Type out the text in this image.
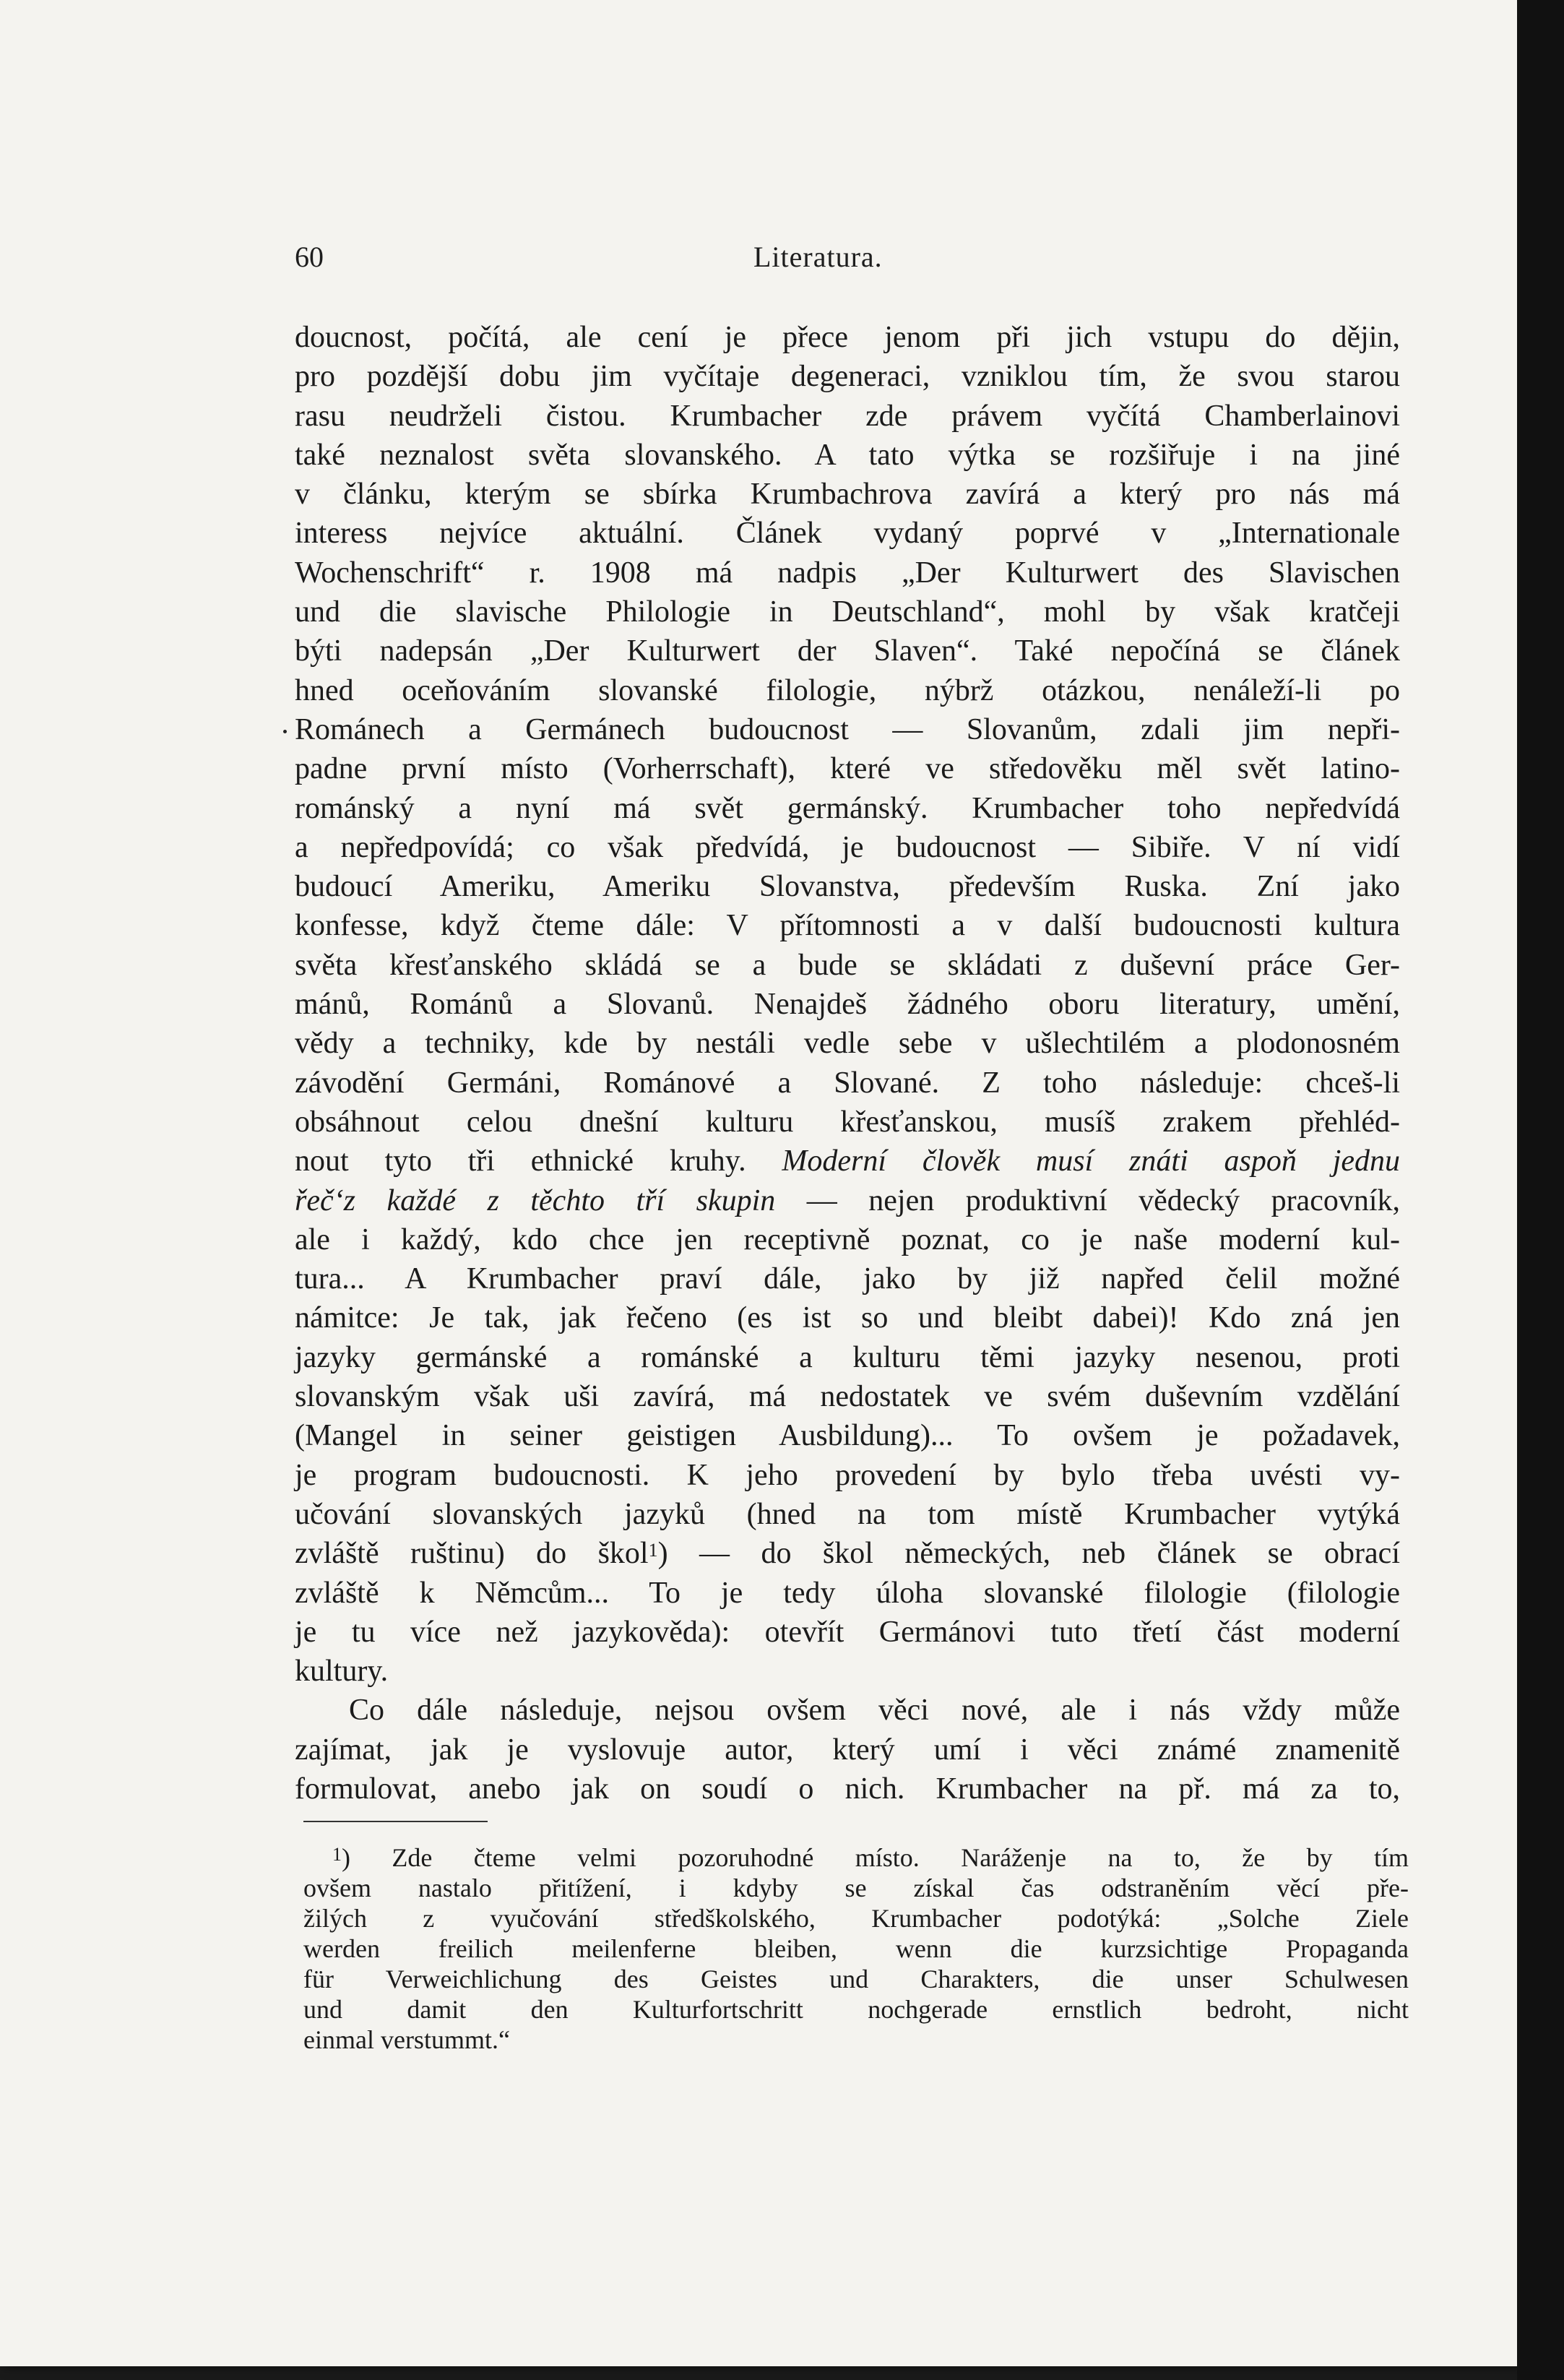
60	Literatura.
doucnost, počítá, ale cení je přece jenom při jich vstupu do dějin,
pro pozdější dobu jim vyčítaje degeneraci, vzniklou tím, že svou starou
rasu neudrželi čistou. Krumbacher zde právem vyčítá Chamberlainovi
také neznalost světa slovanského. A tato výtka se rozšiřuje i na jiné
v článku, kterým se sbírka Krumbachrova zavírá a který pro nás má
interess nejvíce aktuální. Článek vydaný poprvé v „Internationale
Wochenschrift“ r. 1908 má nadpis „Der Kulturwert des Slavischen
und die slavische Philologie in Deutschland“, mohl by však kratčeji
býti nadepsán „Der Kulturwert der Slaven“. Také nepočíná se článek
hned oceňováním slovanské filologie, nýbrž otázkou, nenáleží-li po
Románech a Germánech budoucnost — Slovanům, zdali jim nepři-
padne první místo (Vorherrschaft), které ve středověku měl svět latino-
románský a nyní má svět germánský. Krumbacher toho nepředvídá
a nepředpovídá; co však předvídá, je budoucnost — Sibiře. V ní vidí
budoucí Ameriku, Ameriku Slovanstva, především Ruska. Zní jako
konfesse, když čteme dále: V přítomnosti a v další budoucnosti kultura
světa křesťanského skládá se a bude se skládati z duševní práce Ger-
mánů, Románů a Slovanů. Nenajdeš žádného oboru literatury, umění,
vědy a techniky, kde by nestáli vedle sebe v ušlechtilém a plodonosném
závodění Germáni, Románové a Slované. Z toho následuje: chceš-li
obsáhnout celou dnešní kulturu křesťanskou, musíš zrakem přehléd-
nout tyto tři ethnické kruhy. Moderní člověk musí znáti aspoň jednu
řeč‘z každé z těchto tří skupin — nejen produktivní vědecký pracovník,
ale i každý, kdo chce jen receptivně poznat, co je naše moderní kul-
tura... A Krumbacher praví dále, jako by již napřed čelil možné
námitce: Je tak, jak řečeno (es ist so und bleibt dabei)! Kdo zná jen
jazyky germánské a románské a kulturu těmi jazyky nesenou, proti
slovanským však uši zavírá, má nedostatek ve svém duševním vzdělání
(Mangel in seiner geistigen Ausbildung)... To ovšem je požadavek,
je program budoucnosti. K jeho provedení by bylo třeba uvésti vy-
učování slovanských jazyků (hned na tom místě Krumbacher vytýká
zvláště ruštinu) do škol$^1$) — do škol německých, neb článek se obrací
zvláště k Němcům... To je tedy úloha slovanské filologie (filologie
je tu více než jazykověda): otevřít Germánovi tuto třetí část moderní
kultury.
Co dále následuje, nejsou ovšem věci nové, ale i nás vždy může
zajímat, jak je vyslovuje autor, který umí i věci známé znamenitě
formulovat, anebo jak on soudí o nich. Krumbacher na př. má za to,
$^1$) Zde čteme velmi pozoruhodné místo. Naráženje na to, že by tím
ovšem nastalo přitížení, i kdyby se získal čas odstraněním věcí pře-
žilých z vyučování středškolského, Krumbacher podotýká: „Solche Ziele
werden freilich meilenferne bleiben, wenn die kurzsichtige Propaganda
für Verweichlichung des Geistes und Charakters, die unser Schulwesen
und damit den Kulturfortschritt nochgerade ernstlich bedroht, nicht
einmal verstummt.“
